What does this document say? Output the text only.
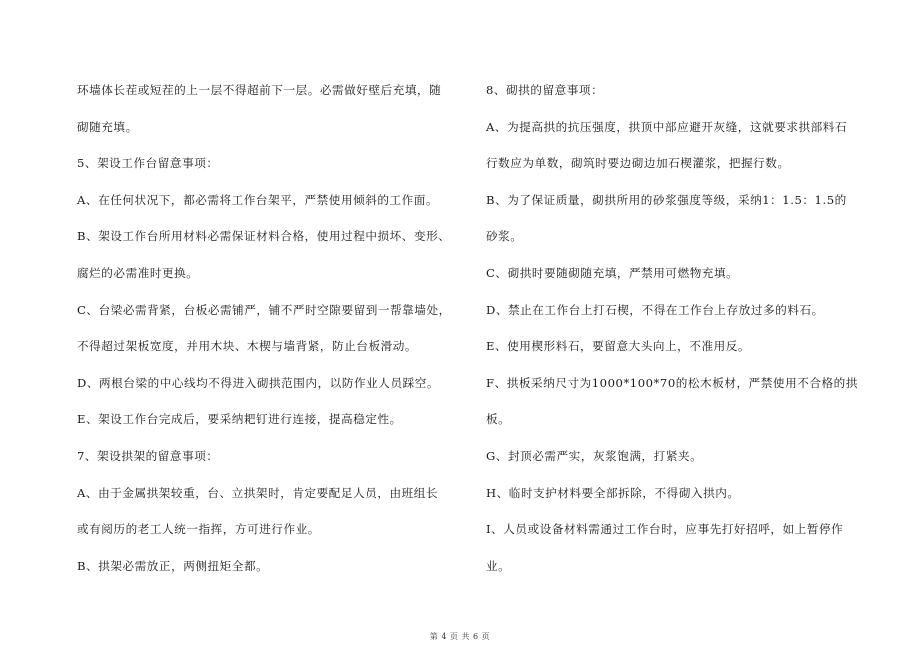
环墙体长茬或短茬的上一层不得超前下一层。必需做好壁后充填，随
砌随充填。
5、架设工作台留意事项：
A、在任何状况下，都必需将工作台架平，严禁使用倾斜的工作面。
B、架设工作台所用材料必需保证材料合格，使用过程中损坏、变形、
腐烂的必需准时更换。
C、台梁必需背紧，台板必需铺严，铺不严时空隙要留到一帮靠墙处，
不得超过架板宽度，并用木块、木楔与墙背紧，防止台板滑动。
D、两根台梁的中心线均不得进入砌拱范围内，以防作业人员踩空。
E、架设工作台完成后，要采纳耙钉进行连接，提高稳定性。
7、架设拱架的留意事项：
A、由于金属拱架较重，台、立拱架时，肯定要配足人员，由班组长
或有阅历的老工人统一指挥，方可进行作业。
B、拱架必需放正，两侧扭矩全都。
8、砌拱的留意事项：
A、为提高拱的抗压强度，拱顶中部应避开灰缝，这就要求拱部料石
行数应为单数，砌筑时要边砌边加石楔灌浆，把握行数。
B、为了保证质量，砌拱所用的砂浆强度等级，采纳1：1.5：1.5的
砂浆。
C、砌拱时要随砌随充填，严禁用可燃物充填。
D、禁止在工作台上打石楔，不得在工作台上存放过多的料石。
E、使用楔形料石，要留意大头向上，不准用反。
F、拱板采纳尺寸为1000*100*70的松木板材，严禁使用不合格的拱
板。
G、封顶必需严实，灰浆饱满，打紧夹。
H、临时支护材料要全部拆除，不得砌入拱内。
I、人员或设备材料需通过工作台时，应事先打好招呼，如上暂停作
业。
第 4 页 共 6 页
